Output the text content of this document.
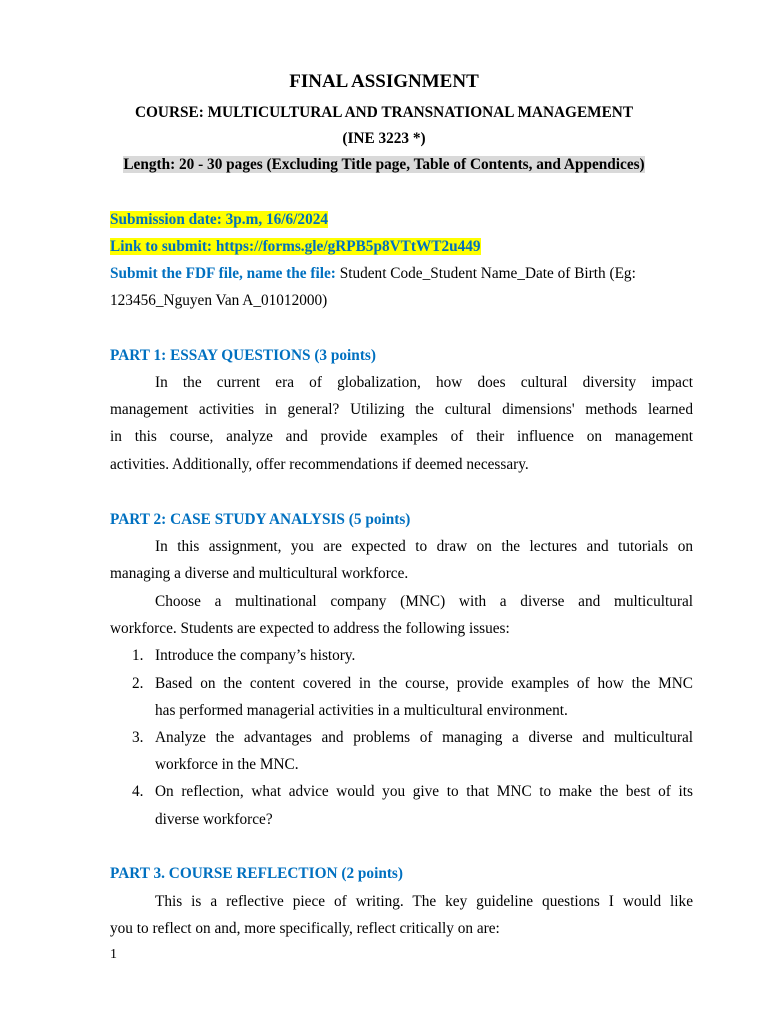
FINAL ASSIGNMENT
COURSE: MULTICULTURAL AND TRANSNATIONAL MANAGEMENT
(INE 3223 *)
Length: 20 - 30 pages (Excluding Title page, Table of Contents, and Appendices)
Submission date: 3p.m, 16/6/2024
Link to submit: https://forms.gle/gRPB5p8VTtWT2u449
Submit the FDF file, name the file: Student Code_Student Name_Date of Birth (Eg:
123456_Nguyen Van A_01012000)
PART 1: ESSAY QUESTIONS (3 points)
In the current era of globalization, how does cultural diversity impact
management activities in general? Utilizing the cultural dimensions' methods learned
in this course, analyze and provide examples of their influence on management
activities. Additionally, offer recommendations if deemed necessary.
PART 2: CASE STUDY ANALYSIS (5 points)
In this assignment, you are expected to draw on the lectures and tutorials on
managing a diverse and multicultural workforce.
Choose a multinational company (MNC) with a diverse and multicultural
workforce. Students are expected to address the following issues:
1. Introduce the company’s history.
2. Based on the content covered in the course, provide examples of how the MNC
has performed managerial activities in a multicultural environment.
3. Analyze the advantages and problems of managing a diverse and multicultural
workforce in the MNC.
4. On reflection, what advice would you give to that MNC to make the best of its
diverse workforce?
PART 3. COURSE REFLECTION (2 points)
This is a reflective piece of writing. The key guideline questions I would like
you to reflect on and, more specifically, reflect critically on are:
1
